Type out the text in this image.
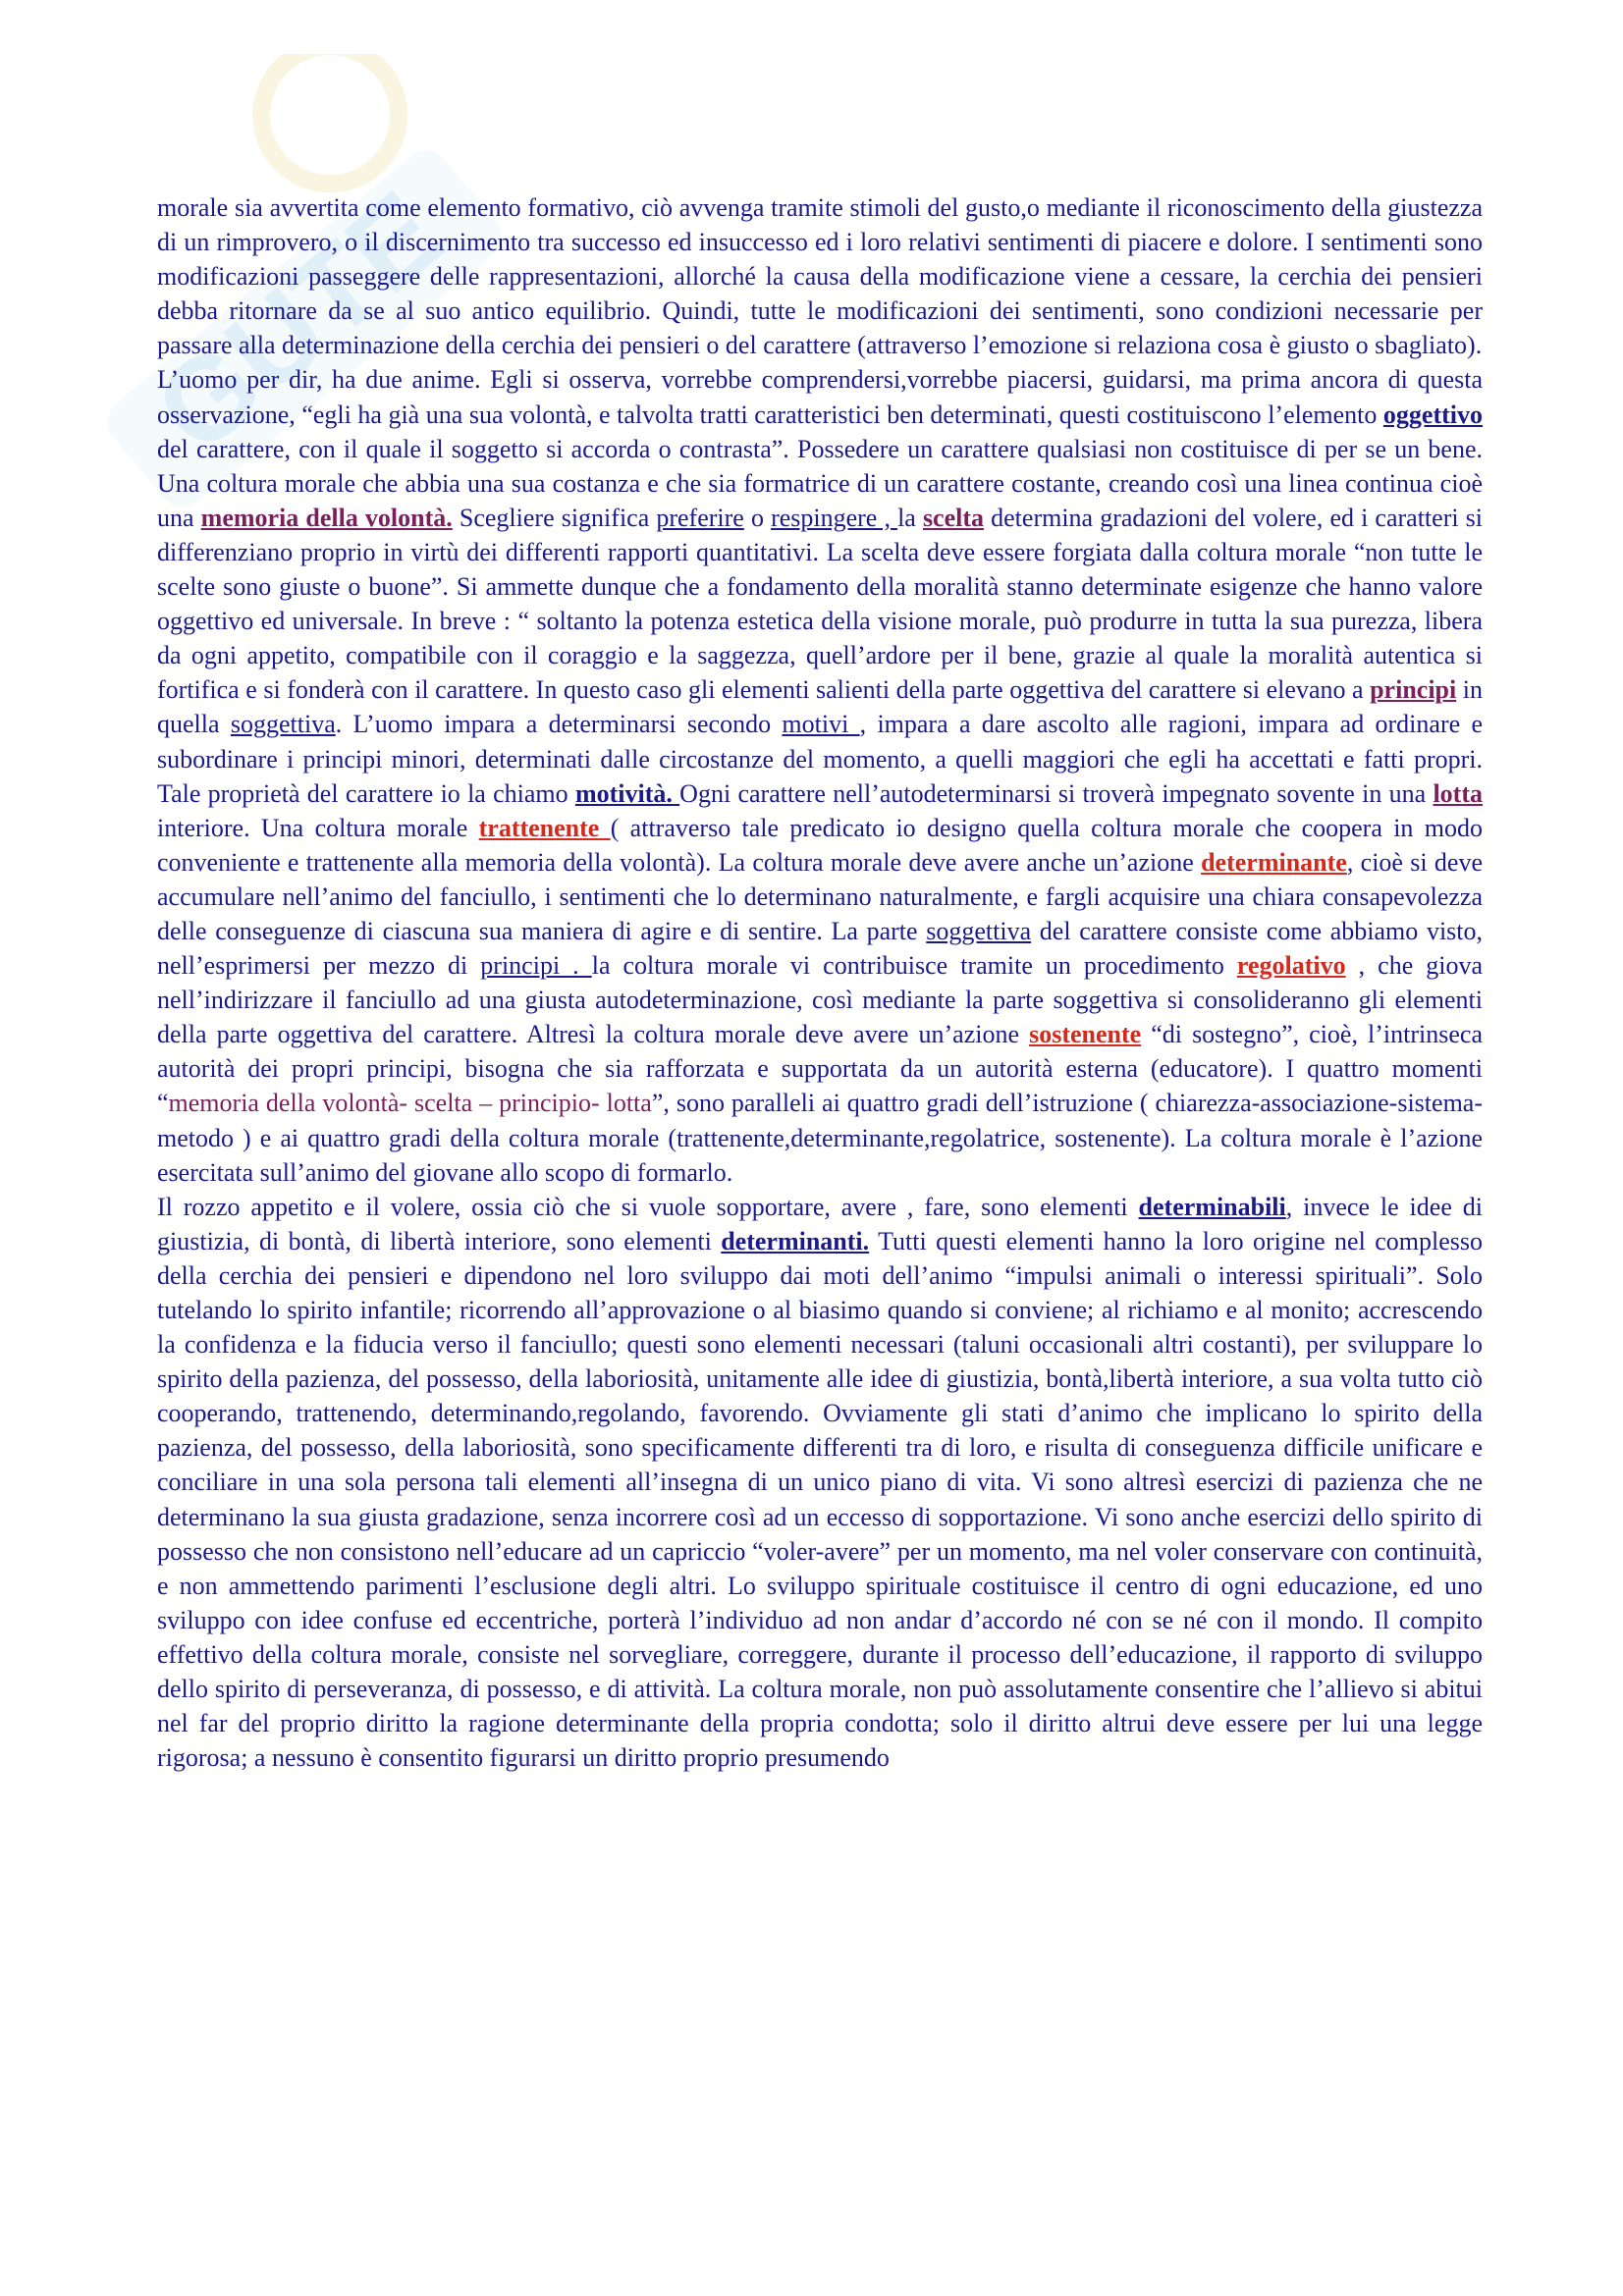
GUTE

morale sia avvertita come elemento formativo, ciò avvenga tramite stimoli del gusto,o mediante il riconoscimento della giustezza di un rimprovero, o il discernimento tra successo ed insuccesso ed i loro relativi sentimenti di piacere e dolore. I sentimenti sono modificazioni passeggere delle rappresentazioni, allorché la causa della modificazione viene a cessare, la cerchia dei pensieri debba ritornare da se al suo antico equilibrio. Quindi, tutte le modificazioni dei sentimenti, sono condizioni necessarie per passare alla determinazione della cerchia dei pensieri o del carattere (attraverso l’emozione si relaziona cosa è giusto o sbagliato).

L’uomo per dir, ha due anime. Egli si osserva, vorrebbe comprendersi,vorrebbe piacersi, guidarsi, ma prima ancora di questa osservazione, “egli ha già una sua volontà, e talvolta tratti caratteristici ben determinati, questi costituiscono l’elemento oggettivo del carattere, con il quale il soggetto si accorda o contrasta”. Possedere un carattere qualsiasi non costituisce di per se un bene. Una coltura morale che abbia una sua costanza e che sia formatrice di un carattere costante, creando così una linea continua cioè una memoria della volontà. Scegliere significa preferire o respingere , la scelta determina gradazioni del volere, ed i caratteri si differenziano proprio in virtù dei differenti rapporti quantitativi. La scelta deve essere forgiata dalla coltura morale “non tutte le scelte sono giuste o buone”. Si ammette dunque che a fondamento della moralità stanno determinate esigenze che hanno valore oggettivo ed universale. In breve : “ soltanto la potenza estetica della visione morale, può produrre in tutta la sua purezza, libera da ogni appetito, compatibile con il coraggio e la saggezza, quell’ardore per il bene, grazie al quale la moralità autentica si fortifica e si fonderà con il carattere. In questo caso gli elementi salienti della parte oggettiva del carattere si elevano a principi in quella soggettiva. L’uomo impara a determinarsi secondo motivi , impara a dare ascolto alle ragioni, impara ad ordinare e subordinare i principi minori, determinati dalle circostanze del momento, a quelli maggiori che egli ha accettati e fatti propri. Tale proprietà del carattere io la chiamo motività. Ogni carattere nell’autodeterminarsi si troverà impegnato sovente in una lotta interiore. Una coltura morale trattenente ( attraverso tale predicato io designo quella coltura morale che coopera in modo conveniente e trattenente alla memoria della volontà). La coltura morale deve avere anche un’azione determinante, cioè si deve accumulare nell’animo del fanciullo, i sentimenti che lo determinano naturalmente, e fargli acquisire una chiara consapevolezza delle conseguenze di ciascuna sua maniera di agire e di sentire. La parte soggettiva del carattere consiste come abbiamo visto, nell’esprimersi per mezzo di principi . la coltura morale vi contribuisce tramite un procedimento regolativo , che giova nell’indirizzare il fanciullo ad una giusta autodeterminazione, così mediante la parte soggettiva si consolideranno gli elementi della parte oggettiva del carattere. Altresì la coltura morale deve avere un’azione sostenente “di sostegno”, cioè, l’intrinseca autorità dei propri principi, bisogna che sia rafforzata e supportata da un autorità esterna (educatore). I quattro momenti “memoria della volontà- scelta – principio- lotta”, sono paralleli ai quattro gradi dell’istruzione ( chiarezza-associazione-sistema-metodo ) e ai quattro gradi della coltura morale (trattenente,determinante,regolatrice, sostenente). La coltura morale è l’azione esercitata sull’animo del giovane allo scopo di formarlo.

Il rozzo appetito e il volere, ossia ciò che si vuole sopportare, avere , fare, sono elementi determinabili, invece le idee di giustizia, di bontà, di libertà interiore, sono elementi determinanti. Tutti questi elementi hanno la loro origine nel complesso della cerchia dei pensieri e dipendono nel loro sviluppo dai moti dell’animo “impulsi animali o interessi spirituali”. Solo tutelando lo spirito infantile; ricorrendo all’approvazione o al biasimo quando si conviene; al richiamo e al monito; accrescendo la confidenza e la fiducia verso il fanciullo; questi sono elementi necessari (taluni occasionali altri costanti), per sviluppare lo spirito della pazienza, del possesso, della laboriosità, unitamente alle idee di giustizia, bontà,libertà interiore, a sua volta tutto ciò cooperando, trattenendo, determinando,regolando, favorendo. Ovviamente gli stati d’animo che implicano lo spirito della pazienza, del possesso, della laboriosità, sono specificamente differenti tra di loro, e risulta di conseguenza difficile unificare e conciliare in una sola persona tali elementi all’insegna di un unico piano di vita. Vi sono altresì esercizi di pazienza che ne determinano la sua giusta gradazione, senza incorrere così ad un eccesso di sopportazione. Vi sono anche esercizi dello spirito di possesso che non consistono nell’educare ad un capriccio “voler-avere” per un momento, ma nel voler conservare con continuità, e non ammettendo parimenti l’esclusione degli altri. Lo sviluppo spirituale costituisce il centro di ogni educazione, ed uno sviluppo con idee confuse ed eccentriche, porterà l’individuo ad non andar d’accordo né con se né con il mondo. Il compito effettivo della coltura morale, consiste nel sorvegliare, correggere, durante il processo dell’educazione, il rapporto di sviluppo dello spirito di perseveranza, di possesso, e di attività. La coltura morale, non può assolutamente consentire che l’allievo si abitui nel far del proprio diritto la ragione determinante della propria condotta; solo il diritto altrui deve essere per lui una legge rigorosa; a nessuno è consentito figurarsi un diritto proprio presumendo
